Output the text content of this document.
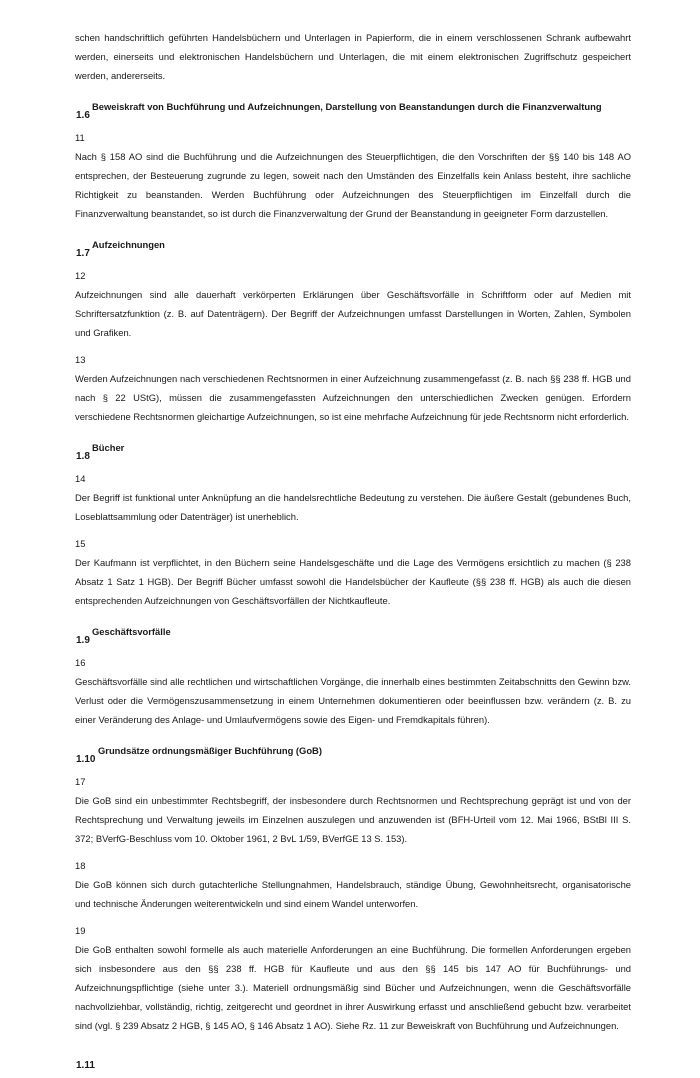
schen handschriftlich geführten Handelsbüchern und Unterlagen in Papierform, die in einem verschlossenen Schrank aufbewahrt werden, einerseits und elektronischen Handelsbüchern und Unterlagen, die mit einem elektronischen Zugriffschutz gespeichert werden, andererseits.

1.6
Beweiskraft von Buchführung und Aufzeichnungen, Darstellung von Beanstandungen durch die Finanzverwaltung
11

Nach § 158 AO sind die Buchführung und die Aufzeichnungen des Steuerpflichtigen, die den Vorschriften der §§ 140 bis 148 AO entsprechen, der Besteuerung zugrunde zu legen, soweit nach den Umständen des Einzelfalls kein Anlass besteht, ihre sachliche Richtigkeit zu beanstanden. Werden Buchführung oder Aufzeichnungen des Steuerpflichtigen im Einzelfall durch die Finanzverwaltung beanstandet, so ist durch die Finanzverwaltung der Grund der Beanstandung in geeigneter Form darzustellen.

1.7
Aufzeichnungen
12

Aufzeichnungen sind alle dauerhaft verkörperten Erklärungen über Geschäftsvorfälle in Schriftform oder auf Medien mit Schriftersatzfunktion (z. B. auf Datenträgern). Der Begriff der Aufzeichnungen umfasst Darstellungen in Worten, Zahlen, Symbolen und Grafiken.

13

Werden Aufzeichnungen nach verschiedenen Rechtsnormen in einer Aufzeichnung zusammengefasst (z. B. nach §§ 238 ff. HGB und nach § 22 UStG), müssen die zusammengefassten Aufzeichnungen den unterschiedlichen Zwecken genügen. Erfordern verschiedene Rechtsnormen gleichartige Aufzeichnungen, so ist eine mehrfache Aufzeichnung für jede Rechtsnorm nicht erforderlich.

1.8
Bücher
14

Der Begriff ist funktional unter Anknüpfung an die handelsrechtliche Bedeutung zu verstehen. Die äußere Gestalt (gebundenes Buch, Loseblattsammlung oder Datenträger) ist unerheblich.

15

Der Kaufmann ist verpflichtet, in den Büchern seine Handelsgeschäfte und die Lage des Vermögens ersichtlich zu machen (§ 238 Absatz 1 Satz 1 HGB). Der Begriff Bücher umfasst sowohl die Handelsbücher der Kaufleute (§§ 238 ff. HGB) als auch die diesen entsprechenden Aufzeichnungen von Geschäftsvorfällen der Nichtkaufleute.

1.9
Geschäftsvorfälle
16

Geschäftsvorfälle sind alle rechtlichen und wirtschaftlichen Vorgänge, die innerhalb eines bestimmten Zeitabschnitts den Gewinn bzw. Verlust oder die Vermögenszusammensetzung in einem Unternehmen dokumentieren oder beeinflussen bzw. verändern (z. B. zu einer Veränderung des Anlage- und Umlaufvermögens sowie des Eigen- und Fremdkapitals führen).

1.10
Grundsätze ordnungsmäßiger Buchführung (GoB)
17

Die GoB sind ein unbestimmter Rechtsbegriff, der insbesondere durch Rechtsnormen und Rechtsprechung geprägt ist und von der Rechtsprechung und Verwaltung jeweils im Einzelnen auszulegen und anzuwenden ist (BFH-Urteil vom 12. Mai 1966, BStBl III S. 372; BVerfG-Beschluss vom 10. Oktober 1961, 2 BvL 1/59, BVerfGE 13 S. 153).

18

Die GoB können sich durch gutachterliche Stellungnahmen, Handelsbrauch, ständige Übung, Gewohnheitsrecht, organisatorische und technische Änderungen weiterentwickeln und sind einem Wandel unterworfen.

19

Die GoB enthalten sowohl formelle als auch materielle Anforderungen an eine Buchführung. Die formellen Anforderungen ergeben sich insbesondere aus den §§ 238 ff. HGB für Kaufleute und aus den §§ 145 bis 147 AO für Buchführungs- und Aufzeichnungspflichtige (siehe unter 3.). Materiell ordnungsmäßig sind Bücher und Aufzeichnungen, wenn die Geschäftsvorfälle nachvollziehbar, vollständig, richtig, zeitgerecht und geordnet in ihrer Auswirkung erfasst und anschließend gebucht bzw. verarbeitet sind (vgl. § 239 Absatz 2 HGB, § 145 AO, § 146 Absatz 1 AO). Siehe Rz. 11 zur Beweiskraft von Buchführung und Aufzeichnungen.

1.11
